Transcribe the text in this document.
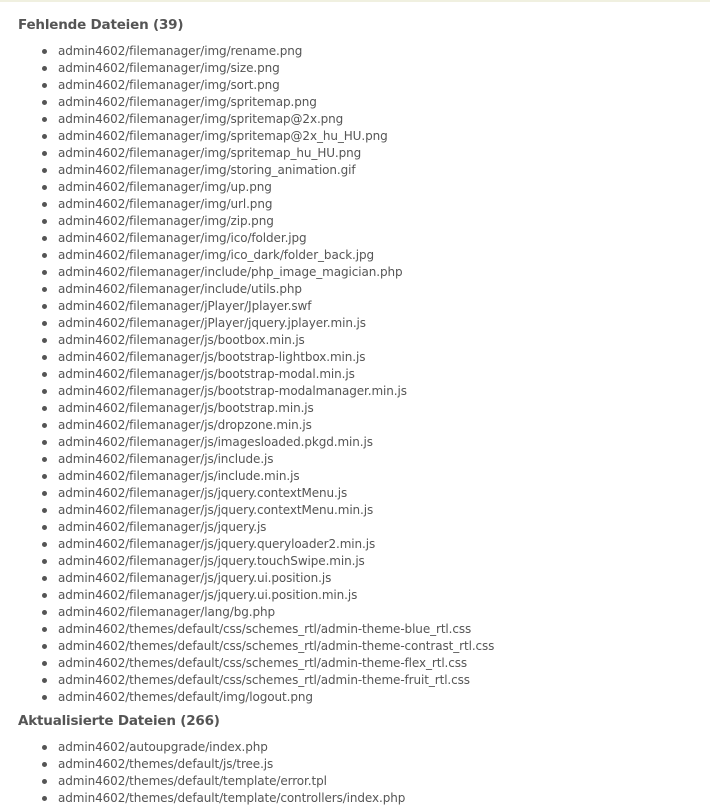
Fehlende Dateien (39)
admin4602/filemanager/img/rename.png
admin4602/filemanager/img/size.png
admin4602/filemanager/img/sort.png
admin4602/filemanager/img/spritemap.png
admin4602/filemanager/img/spritemap@2x.png
admin4602/filemanager/img/spritemap@2x_hu_HU.png
admin4602/filemanager/img/spritemap_hu_HU.png
admin4602/filemanager/img/storing_animation.gif
admin4602/filemanager/img/up.png
admin4602/filemanager/img/url.png
admin4602/filemanager/img/zip.png
admin4602/filemanager/img/ico/folder.jpg
admin4602/filemanager/img/ico_dark/folder_back.jpg
admin4602/filemanager/include/php_image_magician.php
admin4602/filemanager/include/utils.php
admin4602/filemanager/jPlayer/Jplayer.swf
admin4602/filemanager/jPlayer/jquery.jplayer.min.js
admin4602/filemanager/js/bootbox.min.js
admin4602/filemanager/js/bootstrap-lightbox.min.js
admin4602/filemanager/js/bootstrap-modal.min.js
admin4602/filemanager/js/bootstrap-modalmanager.min.js
admin4602/filemanager/js/bootstrap.min.js
admin4602/filemanager/js/dropzone.min.js
admin4602/filemanager/js/imagesloaded.pkgd.min.js
admin4602/filemanager/js/include.js
admin4602/filemanager/js/include.min.js
admin4602/filemanager/js/jquery.contextMenu.js
admin4602/filemanager/js/jquery.contextMenu.min.js
admin4602/filemanager/js/jquery.js
admin4602/filemanager/js/jquery.queryloader2.min.js
admin4602/filemanager/js/jquery.touchSwipe.min.js
admin4602/filemanager/js/jquery.ui.position.js
admin4602/filemanager/js/jquery.ui.position.min.js
admin4602/filemanager/lang/bg.php
admin4602/themes/default/css/schemes_rtl/admin-theme-blue_rtl.css
admin4602/themes/default/css/schemes_rtl/admin-theme-contrast_rtl.css
admin4602/themes/default/css/schemes_rtl/admin-theme-flex_rtl.css
admin4602/themes/default/css/schemes_rtl/admin-theme-fruit_rtl.css
admin4602/themes/default/img/logout.png
Aktualisierte Dateien (266)
admin4602/autoupgrade/index.php
admin4602/themes/default/js/tree.js
admin4602/themes/default/template/error.tpl
admin4602/themes/default/template/controllers/index.php
